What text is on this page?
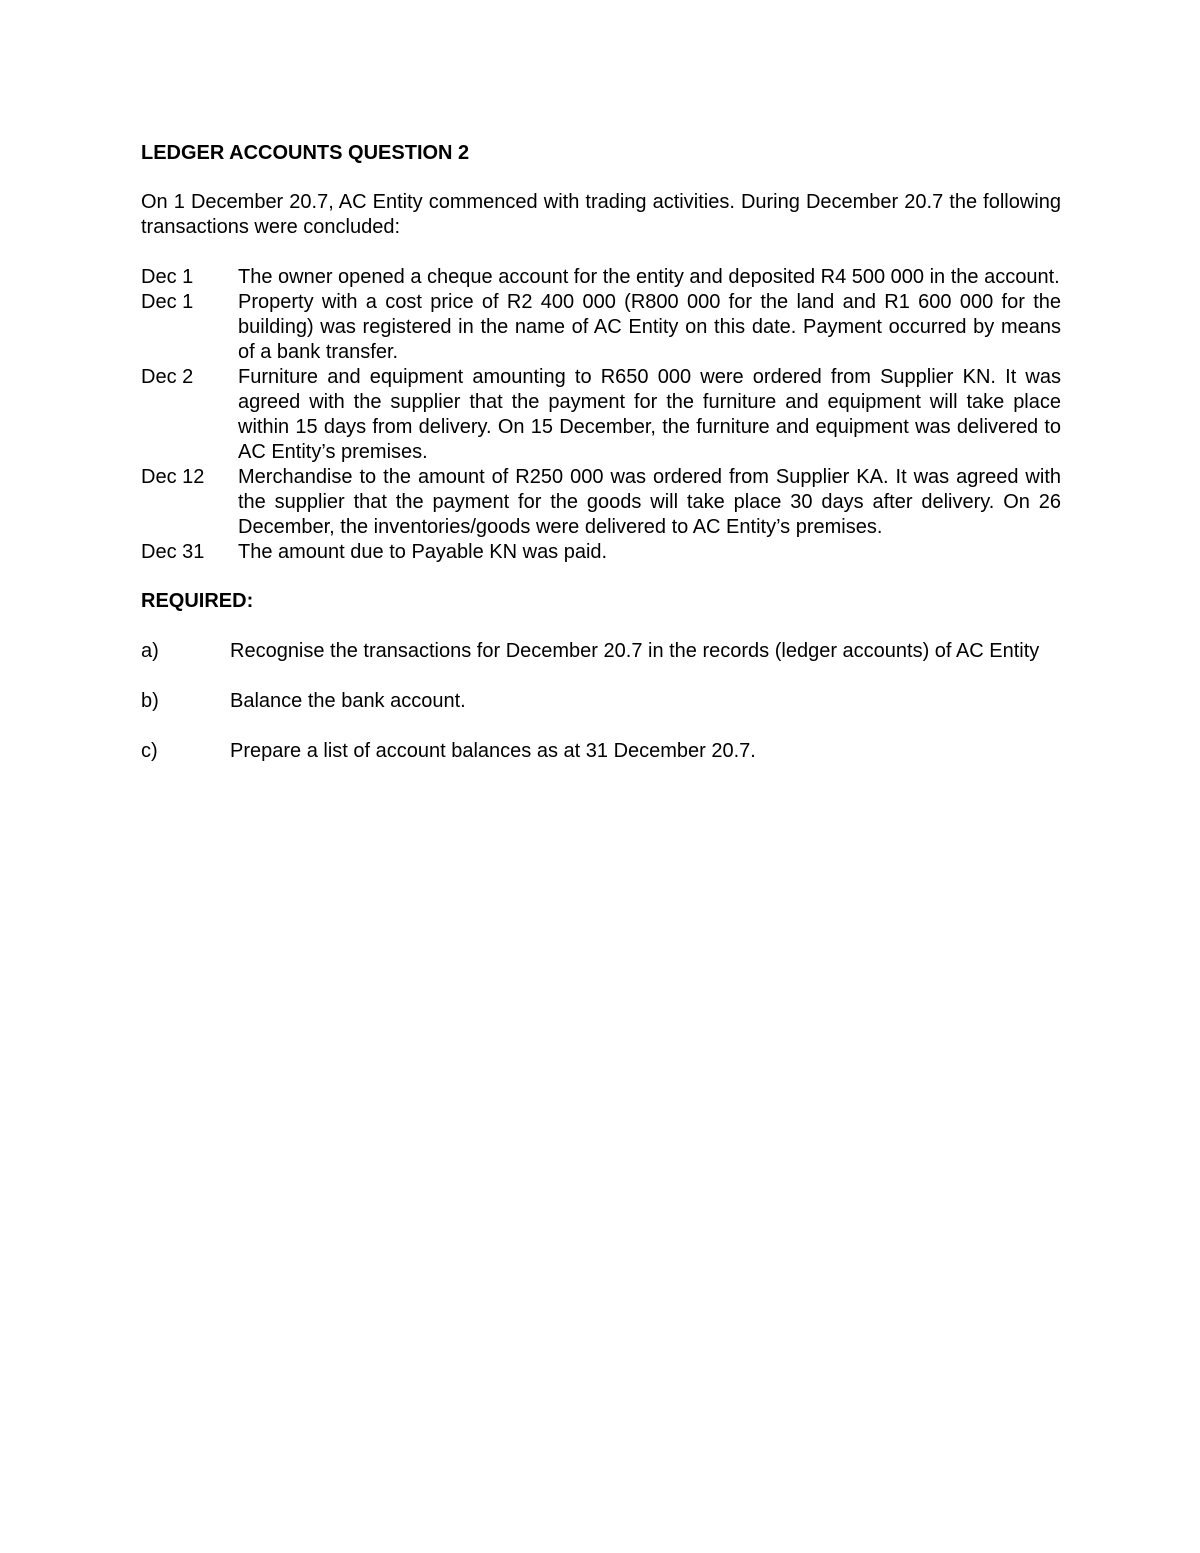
LEDGER ACCOUNTS QUESTION 2

On 1 December 20.7, AC Entity commenced with trading activities. During December 20.7 the following transactions were concluded:

Dec 1	The owner opened a cheque account for the entity and deposited R4 500 000 in the account.
Dec 1	Property with a cost price of R2 400 000 (R800 000 for the land and R1 600 000 for the building) was registered in the name of AC Entity on this date. Payment occurred by means of a bank transfer.
Dec 2	Furniture and equipment amounting to R650 000 were ordered from Supplier KN. It was agreed with the supplier that the payment for the furniture and equipment will take place within 15 days from delivery. On 15 December, the furniture and equipment was delivered to AC Entity’s premises.
Dec 12	Merchandise to the amount of R250 000 was ordered from Supplier KA. It was agreed with the supplier that the payment for the goods will take place 30 days after delivery. On 26 December, the inventories/goods were delivered to AC Entity’s premises.
Dec 31	The amount due to Payable KN was paid.

REQUIRED:

a)	Recognise the transactions for December 20.7 in the records (ledger accounts) of AC Entity
b)	Balance the bank account.
c)	Prepare a list of account balances as at 31 December 20.7.
